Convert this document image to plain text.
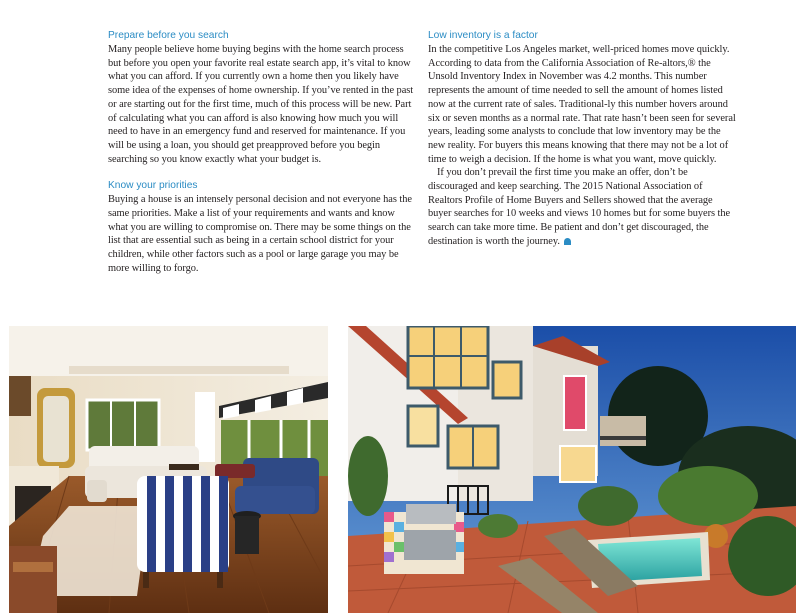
Prepare before you search

Many people believe home buying begins with the home search process but before you open your favorite real estate search app, it’s vital to know what you can afford. If you currently own a home then you likely have some idea of the expenses of home ownership. If you’ve rented in the past or are starting out for the first time, much of this process will be new. Part of calculating what you can afford is also knowing how much you will need to have in an emergency fund and reserved for maintenance. If you will be using a loan, you should get preapproved before you begin searching so you know exactly what your budget is.

Know your priorities

Buying a house is an intensely personal decision and not everyone has the same priorities. Make a list of your requirements and wants and know what you are willing to compromise on. There may be some things on the list that are essential such as being in a certain school district for your children, while other factors such as a pool or large garage you may be more willing to forgo.

Low inventory is a factor

In the competitive Los Angeles market, well-priced homes move quickly. According to data from the California Association of Re-altors,® the Unsold Inventory Index in November was 4.2 months. This number represents the amount of time needed to sell the amount of homes listed now at the current rate of sales. Traditional-ly this number hovers around six or seven months as a normal rate. That rate hasn’t been seen for several years, leading some analysts to conclude that low inventory may be the new reality. For buyers this means knowing that there may not be a lot of time to weigh a decision. If the home is what you want, move quickly.

If you don’t prevail the first time you make an offer, don’t be discouraged and keep searching. The 2015 National Association of Realtors Profile of Home Buyers and Sellers showed that the average buyer searches for 10 weeks and views 10 homes but for some buyers the search can take more time. Be patient and don’t get discouraged, the destination is worth the journey.
